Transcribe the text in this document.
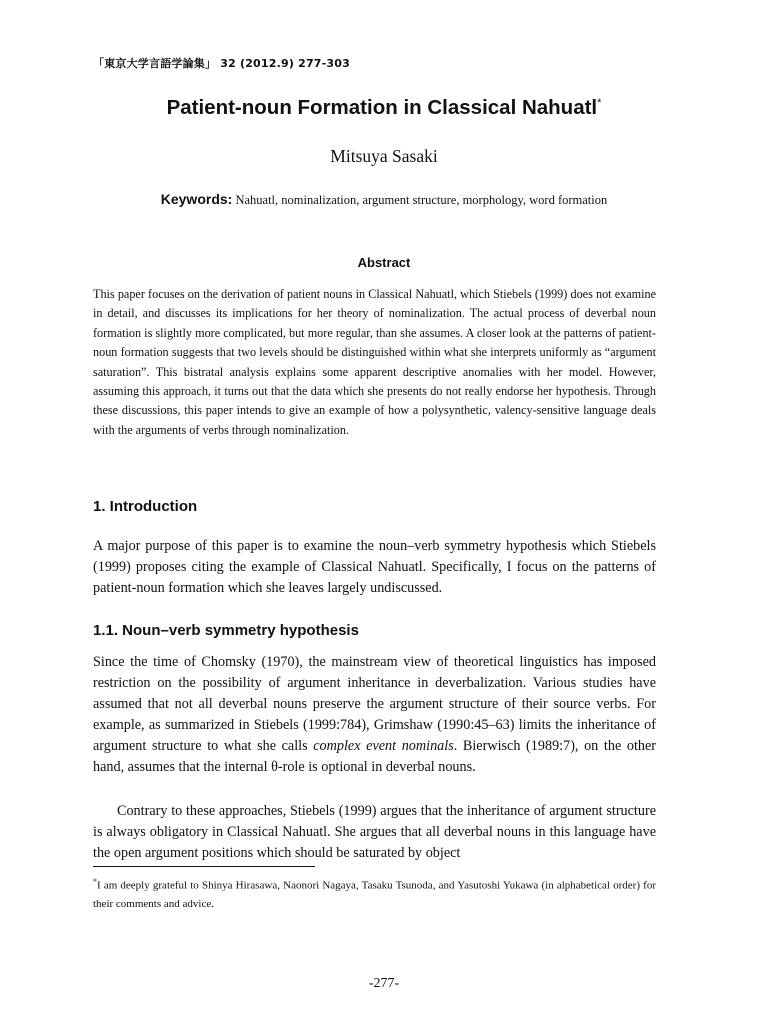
「東京大学言語学論集」 32 (2012.9) 277-303
Patient-noun Formation in Classical Nahuatl*
Mitsuya Sasaki
Keywords: Nahuatl, nominalization, argument structure, morphology, word formation
Abstract

This paper focuses on the derivation of patient nouns in Classical Nahuatl, which Stiebels (1999) does not examine in detail, and discusses its implications for her theory of nominalization. The actual process of deverbal noun formation is slightly more complicated, but more regular, than she assumes. A closer look at the patterns of patient-noun formation suggests that two levels should be distinguished within what she interprets uniformly as “argument saturation”. This bistratal analysis explains some apparent descriptive anomalies with her model. However, assuming this approach, it turns out that the data which she presents do not really endorse her hypothesis. Through these discussions, this paper intends to give an example of how a polysynthetic, valency-sensitive language deals with the arguments of verbs through nominalization.

1. Introduction

A major purpose of this paper is to examine the noun–verb symmetry hypothesis which Stiebels (1999) proposes citing the example of Classical Nahuatl. Specifically, I focus on the patterns of patient-noun formation which she leaves largely undiscussed.

1.1. Noun–verb symmetry hypothesis

Since the time of Chomsky (1970), the mainstream view of theoretical linguistics has imposed restriction on the possibility of argument inheritance in deverbalization. Various studies have assumed that not all deverbal nouns preserve the argument structure of their source verbs. For example, as summarized in Stiebels (1999:784), Grimshaw (1990:45–63) limits the inheritance of argument structure to what she calls complex event nominals. Bierwisch (1989:7), on the other hand, assumes that the internal θ-role is optional in deverbal nouns.

Contrary to these approaches, Stiebels (1999) argues that the inheritance of argument structure is always obligatory in Classical Nahuatl. She argues that all deverbal nouns in this language have the open argument positions which should be saturated by object

*I am deeply grateful to Shinya Hirasawa, Naonori Nagaya, Tasaku Tsunoda, and Yasutoshi Yukawa (in alphabetical order) for their comments and advice.

-277-
